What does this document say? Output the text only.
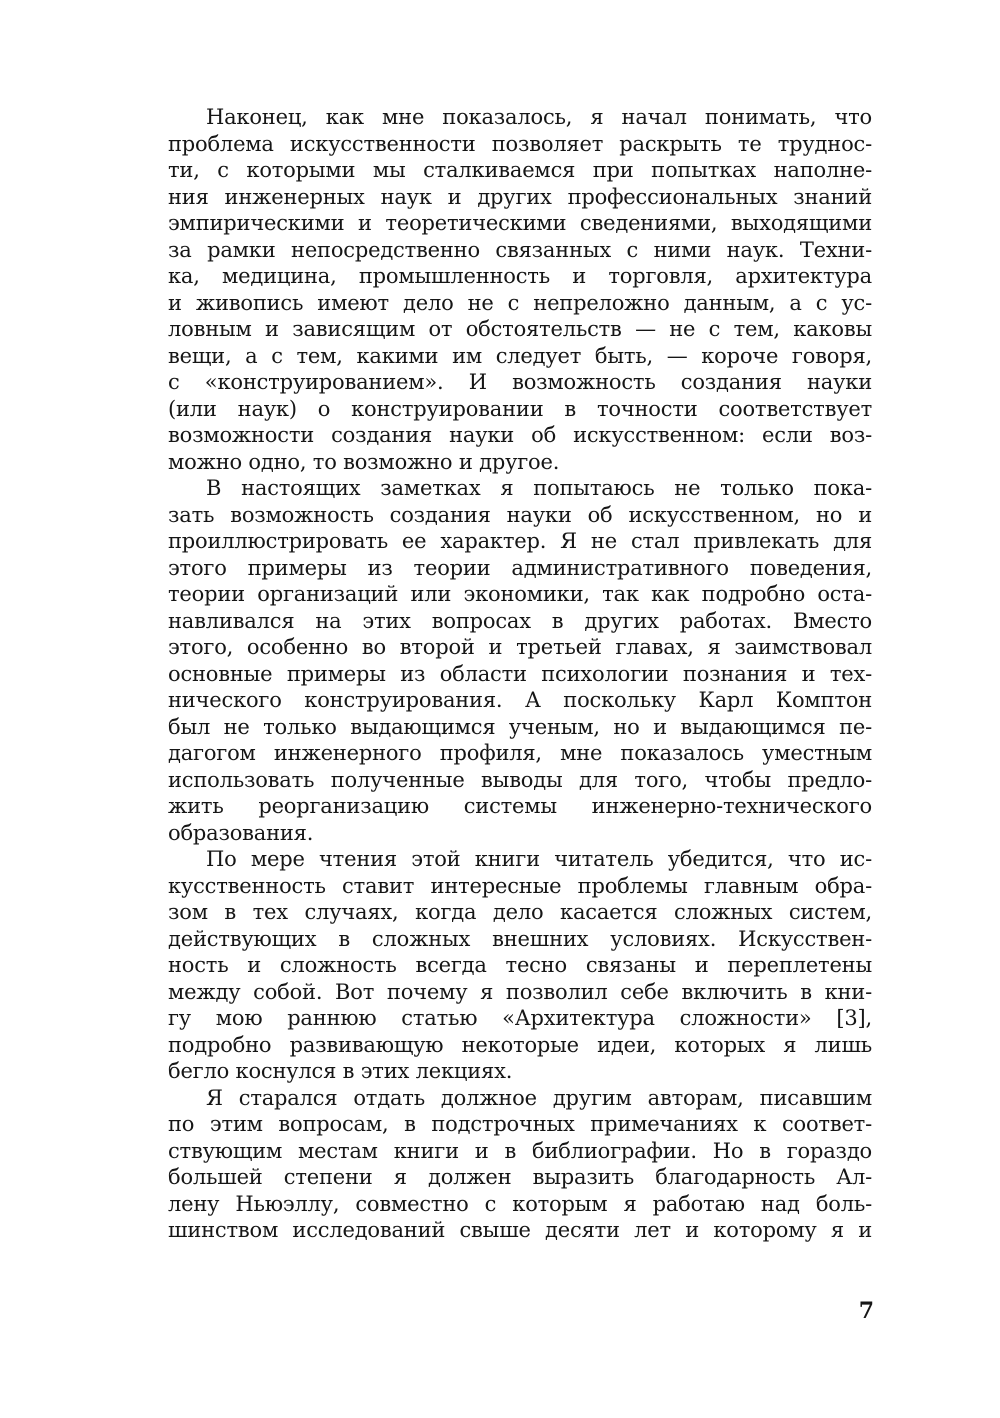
Наконец, как мне показалось, я начал понимать, что
проблема искусственности позволяет раскрыть те труднос-
ти, с которыми мы сталкиваемся при попытках наполне-
ния инженерных наук и других профессиональных знаний
эмпирическими и теоретическими сведениями, выходящими
за рамки непосредственно связанных с ними наук. Техни-
ка, медицина, промышленность и торговля, архитектура
и живопись имеют дело не с непреложно данным, а с ус-
ловным и зависящим от обстоятельств — не с тем, каковы
вещи, а с тем, какими им следует быть, — короче говоря,
с «конструированием». И возможность создания науки
(или наук) о конструировании в точности соответствует
возможности создания науки об искусственном: если воз-
можно одно, то возможно и другое.

В настоящих заметках я попытаюсь не только пока-
зать возможность создания науки об искусственном, но и
проиллюстрировать ее характер. Я не стал привлекать для
этого примеры из теории административного поведения,
теории организаций или экономики, так как подробно оста-
навливался на этих вопросах в других работах. Вместо
этого, особенно во второй и третьей главах, я заимствовал
основные примеры из области психологии познания и тех-
нического конструирования. А поскольку Карл Комптон
был не только выдающимся ученым, но и выдающимся пе-
дагогом инженерного профиля, мне показалось уместным
использовать полученные выводы для того, чтобы предло-
жить реорганизацию системы инженерно-технического
образования.

По мере чтения этой книги читатель убедится, что ис-
кусственность ставит интересные проблемы главным обра-
зом в тех случаях, когда дело касается сложных систем,
действующих в сложных внешних условиях. Искусствен-
ность и сложность всегда тесно связаны и переплетены
между собой. Вот почему я позволил себе включить в кни-
гу мою раннюю статью «Архитектура сложности» [3],
подробно развивающую некоторые идеи, которых я лишь
бегло коснулся в этих лекциях.

Я старался отдать должное другим авторам, писавшим
по этим вопросам, в подстрочных примечаниях к соответ-
ствующим местам книги и в библиографии. Но в гораздо
большей степени я должен выразить благодарность Ал-
лену Ньюэллу, совместно с которым я работаю над боль-
шинством исследований свыше десяти лет и которому я и

7
